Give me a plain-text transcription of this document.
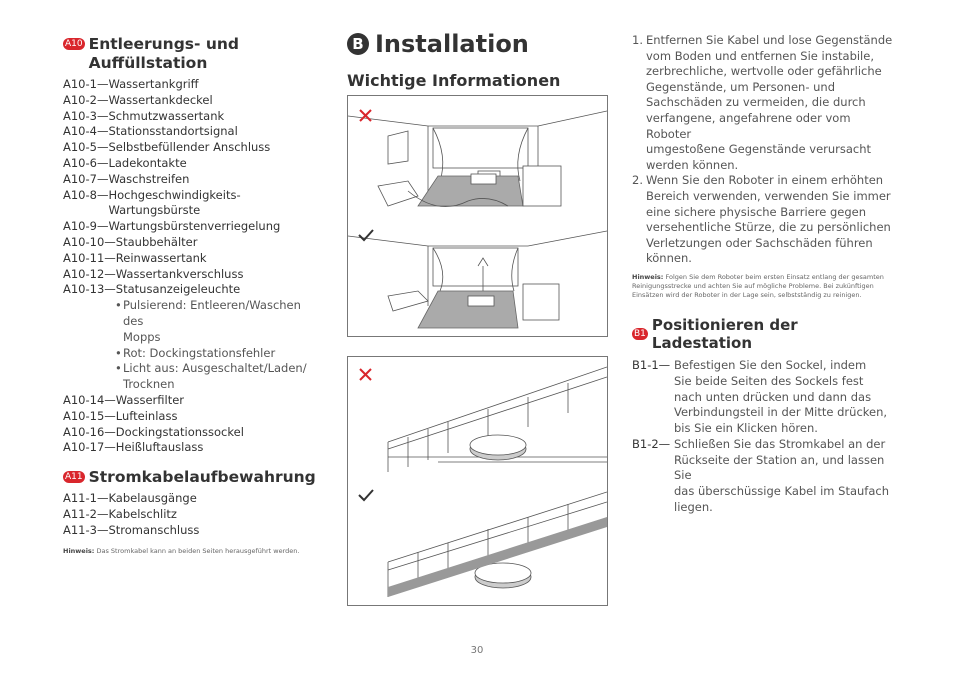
A10 Entleerungs- und Auffüllstation
A10-1— Wassertankgriff
A10-2— Wassertankdeckel
A10-3— Schmutzwassertank
A10-4— Stationsstandortsignal
A10-5— Selbstbefüllender Anschluss
A10-6— Ladekontakte
A10-7— Waschstreifen
A10-8— Hochgeschwindigkeits-
Wartungsbürste
A10-9— Wartungsbürstenverriegelung
A10-10— Staubbehälter
A10-11— Reinwassertank
A10-12— Wassertankverschluss
A10-13— Statusanzeigeleuchte
• Pulsierend: Entleeren/Waschen des
Mopps
• Rot: Dockingstationsfehler
• Licht aus: Ausgeschaltet/Laden/
Trocknen
A10-14— Wasserfilter
A10-15— Lufteinlass
A10-16— Dockingstationssockel
A10-17— Heißluftauslass
A11 Stromkabelaufbewahrung
A11-1— Kabelausgänge
A11-2— Kabelschlitz
A11-3— Stromanschluss
Hinweis: Das Stromkabel kann an beiden Seiten herausgeführt werden.
B Installation
Wichtige Informationen
1. Entfernen Sie Kabel und lose Gegenstände
vom Boden und entfernen Sie instabile,
zerbrechliche, wertvolle oder gefährliche
Gegenstände, um Personen- und
Sachschäden zu vermeiden, die durch
verfangene, angefahrene oder vom Roboter
umgestoßene Gegenstände verursacht
werden können.
2. Wenn Sie den Roboter in einem erhöhten
Bereich verwenden, verwenden Sie immer
eine sichere physische Barriere gegen
versehentliche Stürze, die zu persönlichen
Verletzungen oder Sachschäden führen
können.
Hinweis: Folgen Sie dem Roboter beim ersten Einsatz entlang der gesamten
Reinigungsstrecke und achten Sie auf mögliche Probleme. Bei zukünftigen
Einsätzen wird der Roboter in der Lage sein, selbstständig zu reinigen.
B1 Positionieren der Ladestation
B1-1— Befestigen Sie den Sockel, indem
Sie beide Seiten des Sockels fest
nach unten drücken und dann das
Verbindungsteil in der Mitte drücken,
bis Sie ein Klicken hören.
B1-2— Schließen Sie das Stromkabel an der
Rückseite der Station an, und lassen Sie
das überschüssige Kabel im Staufach
liegen.
30
